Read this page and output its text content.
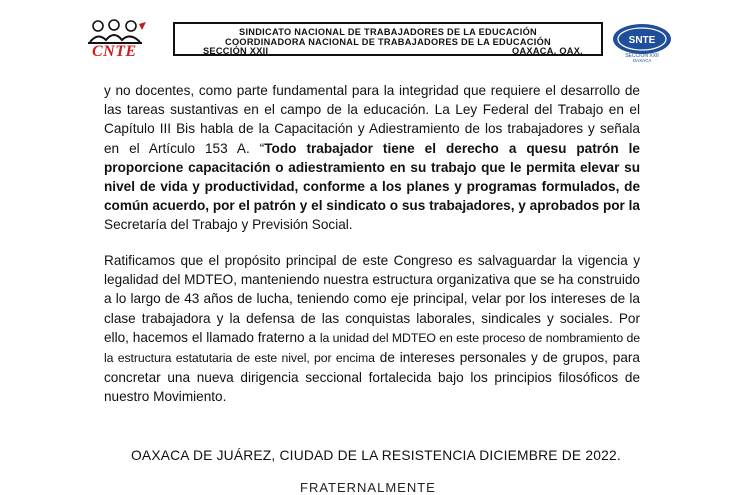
CNTE
SINDICATO NACIONAL DE TRABAJADORES DE LA EDUCACIÓN
COORDINADORA NACIONAL DE TRABAJADORES DE LA EDUCACIÓN
SECCIÓN XXII	OAXACA, OAX.
SNTE
SECCIÓN XXII
OAXACA
y no docentes, como parte fundamental para la integridad que requiere el desarrollo de las tareas sustantivas en el campo de la educación. La Ley Federal del Trabajo en el Capítulo III Bis habla de la Capacitación y Adiestramiento de los trabajadores y señala en el Artículo 153 A. “Todo trabajador tiene el derecho a quesu patrón le proporcione capacitación o adiestramiento en su trabajo que le permita elevar su nivel de vida y productividad, conforme a los planes y programas formulados, de común acuerdo, por el patrón y el sindicato o sus trabajadores, y aprobados por la Secretaría del Trabajo y Previsión Social.
Ratificamos que el propósito principal de este Congreso es salvaguardar la vigencia y legalidad del MDTEO, manteniendo nuestra estructura organizativa que se ha construido a lo largo de 43 años de lucha, teniendo como eje principal, velar por los intereses de la clase trabajadora y la defensa de las conquistas laborales, sindicales y sociales. Por ello, hacemos el llamado fraterno a la unidad del MDTEO en este proceso de nombramiento de la estructura estatutaria de este nivel, por encima de intereses personales y de grupos, para concretar una nueva dirigencia seccional fortalecida bajo los principios filosóficos de nuestro Movimiento.
OAXACA DE JUÁREZ, CIUDAD DE LA RESISTENCIA DICIEMBRE DE 2022.
FRATERNALMENTE
